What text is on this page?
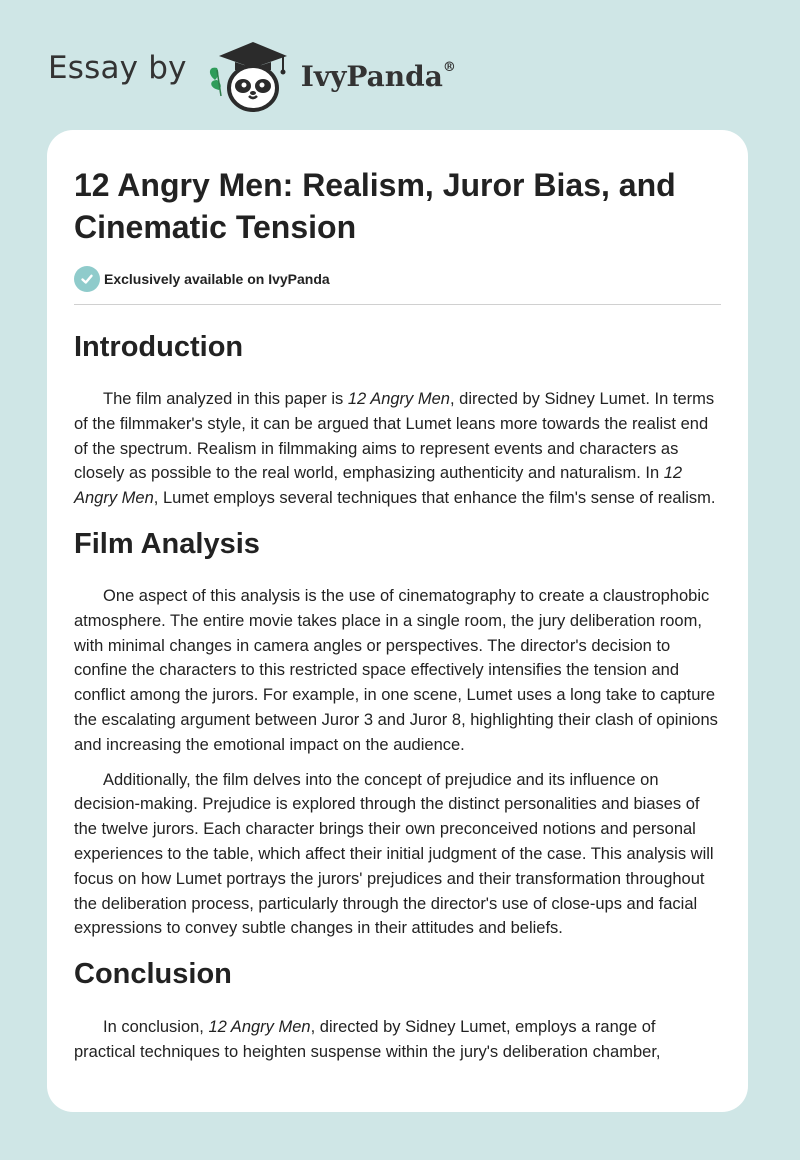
Essay by	IvyPanda®
12 Angry Men: Realism, Juror Bias, and Cinematic Tension
Exclusively available on IvyPanda
Introduction

The film analyzed in this paper is 12 Angry Men, directed by Sidney Lumet. In terms of the filmmaker's style, it can be argued that Lumet leans more towards the realist end of the spectrum. Realism in filmmaking aims to represent events and characters as closely as possible to the real world, emphasizing authenticity and naturalism. In 12 Angry Men, Lumet employs several techniques that enhance the film's sense of realism.

Film Analysis

One aspect of this analysis is the use of cinematography to create a claustrophobic atmosphere. The entire movie takes place in a single room, the jury deliberation room, with minimal changes in camera angles or perspectives. The director's decision to confine the characters to this restricted space effectively intensifies the tension and conflict among the jurors. For example, in one scene, Lumet uses a long take to capture the escalating argument between Juror 3 and Juror 8, highlighting their clash of opinions and increasing the emotional impact on the audience.

Additionally, the film delves into the concept of prejudice and its influence on decision-making. Prejudice is explored through the distinct personalities and biases of the twelve jurors. Each character brings their own preconceived notions and personal experiences to the table, which affect their initial judgment of the case. This analysis will focus on how Lumet portrays the jurors' prejudices and their transformation throughout the deliberation process, particularly through the director's use of close-ups and facial expressions to convey subtle changes in their attitudes and beliefs.

Conclusion

In conclusion, 12 Angry Men, directed by Sidney Lumet, employs a range of practical techniques to heighten suspense within the jury's deliberation chamber,
